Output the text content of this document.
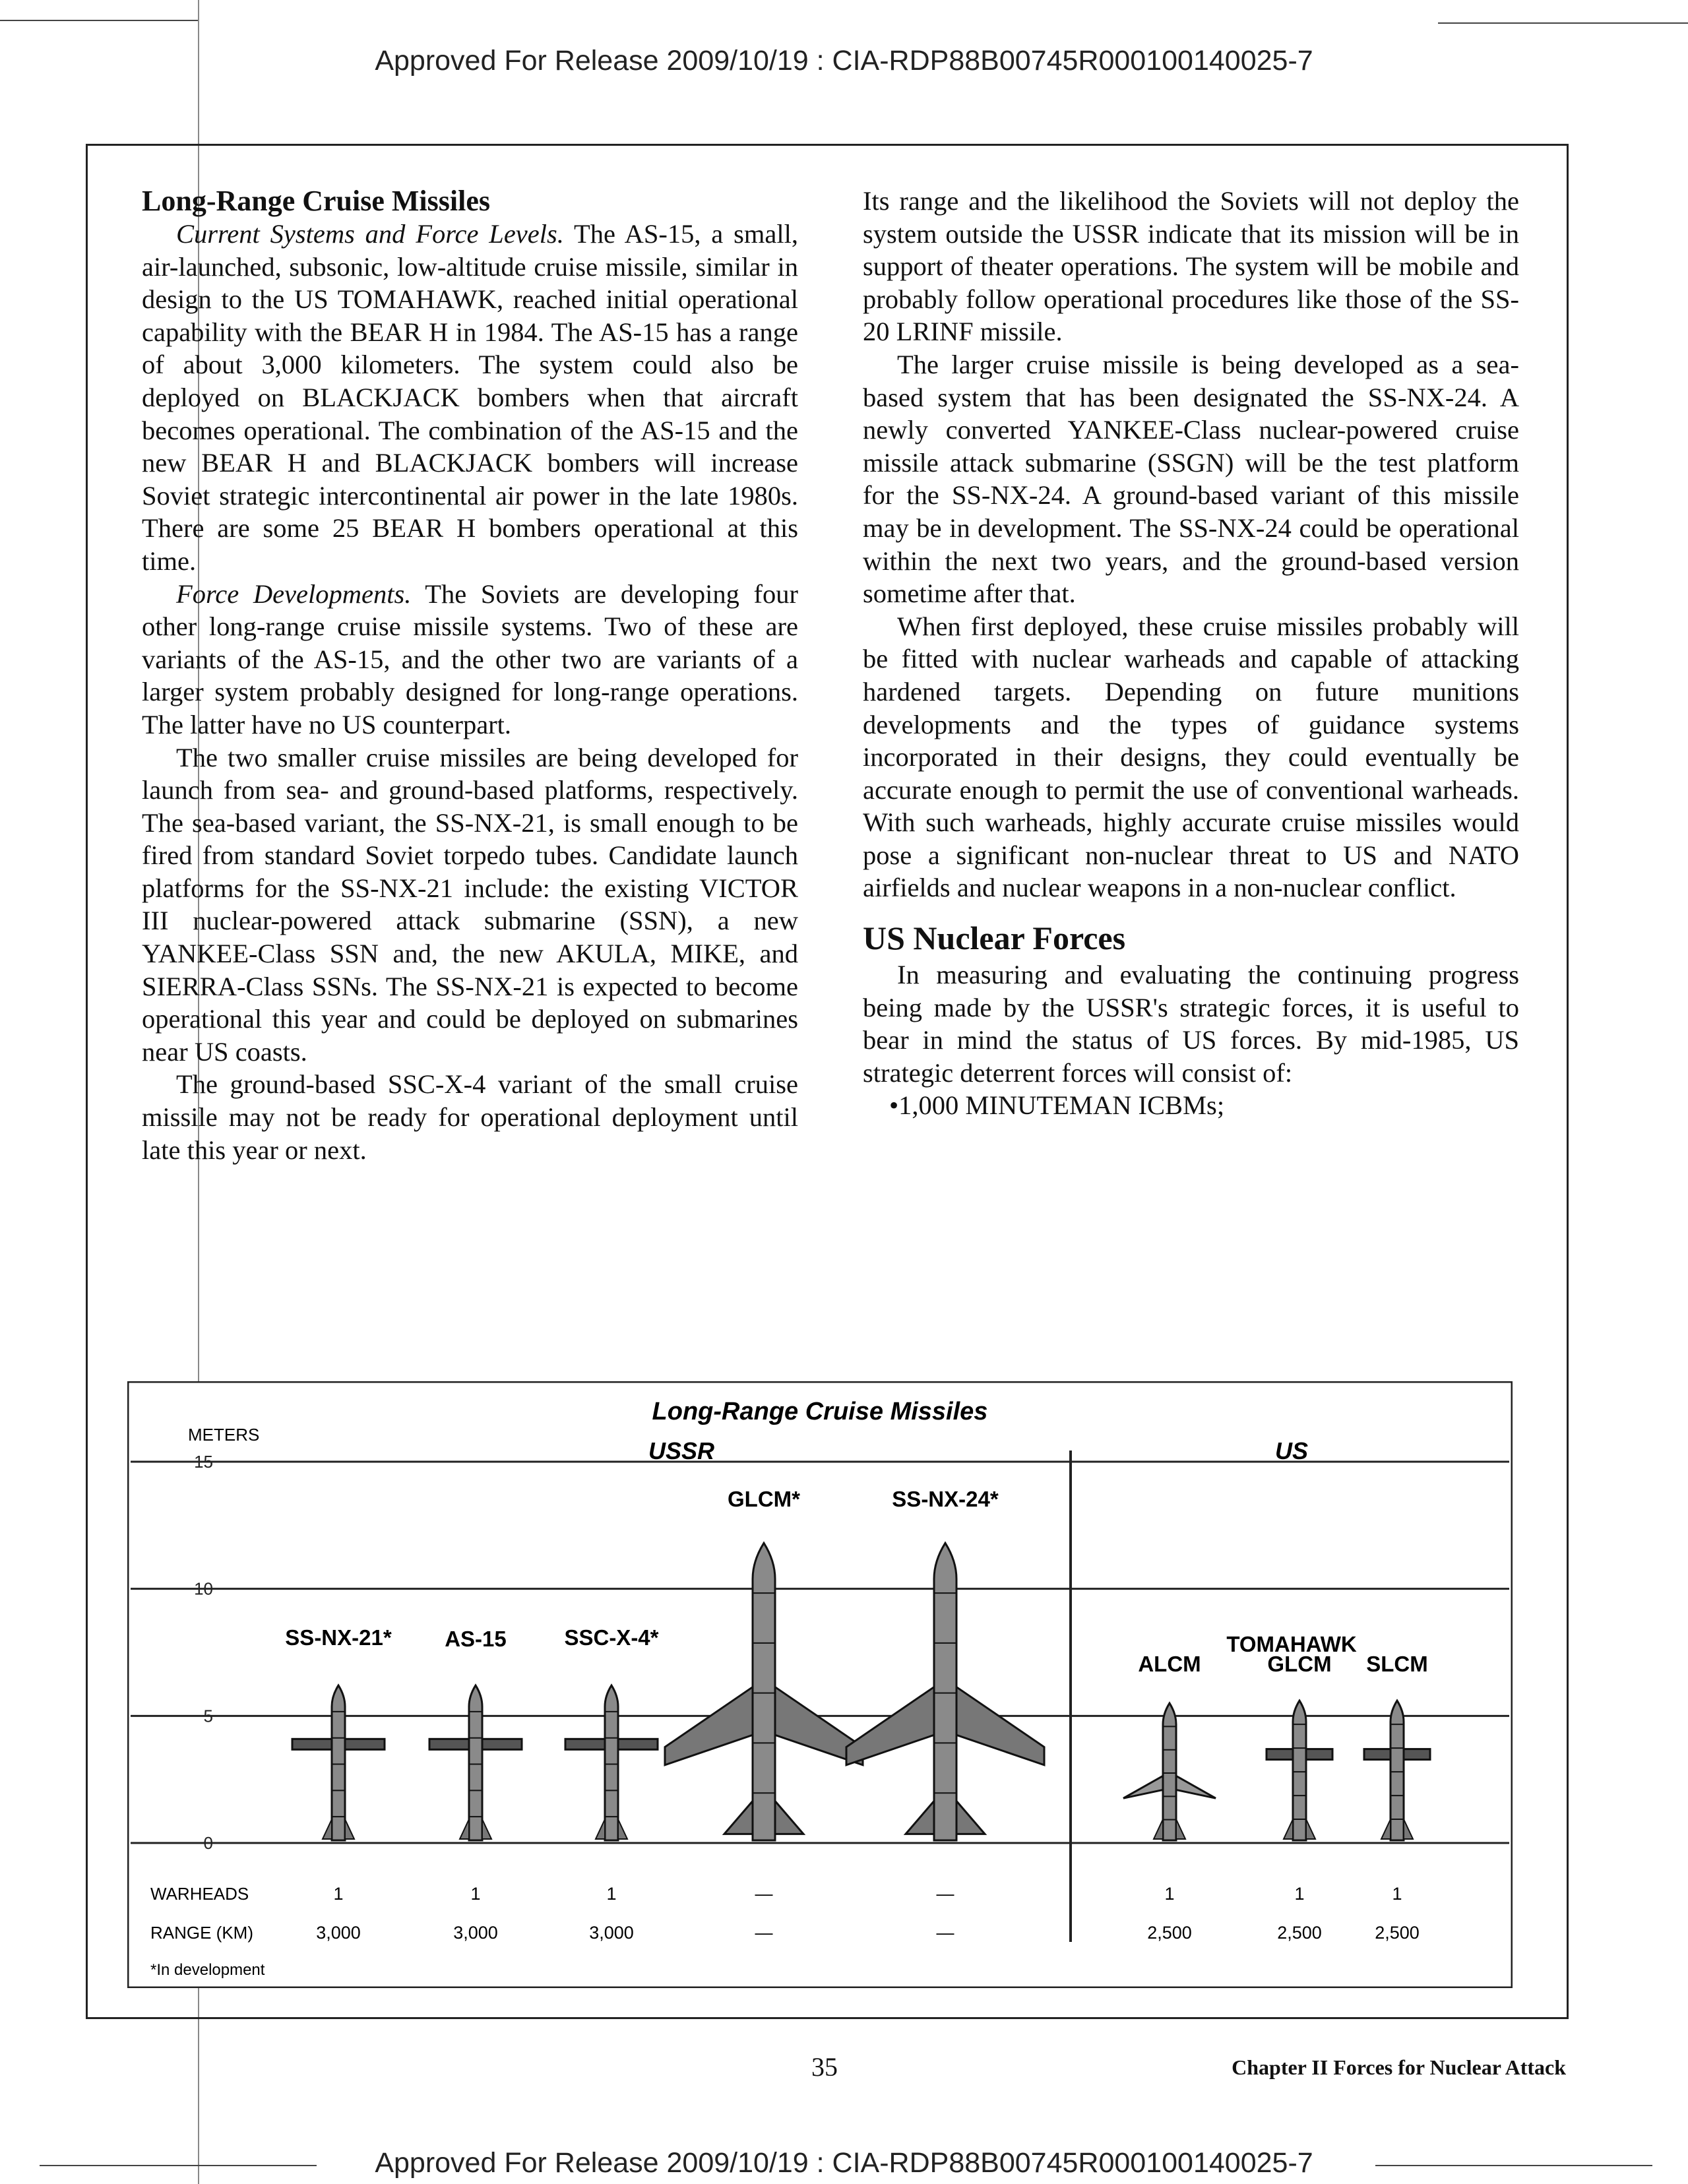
Approved For Release 2009/10/19 : CIA-RDP88B00745R000100140025-7
Long-Range Cruise Missiles

Current Systems and Force Levels. The AS-15, a small, air-launched, subsonic, low-altitude cruise missile, similar in design to the US TOMAHAWK, reached initial operational capability with the BEAR H in 1984. The AS-15 has a range of about 3,000 kilometers. The system could also be deployed on BLACKJACK bombers when that aircraft becomes operational. The combination of the AS-15 and the new BEAR H and BLACKJACK bombers will increase Soviet strategic intercontinental air power in the late 1980s. There are some 25 BEAR H bombers operational at this time.

Force Developments. The Soviets are developing four other long-range cruise missile systems. Two of these are variants of the AS-15, and the other two are variants of a larger system probably designed for long-range operations. The latter have no US counterpart.

The two smaller cruise missiles are being developed for launch from sea- and ground-based platforms, respectively. The sea-based variant, the SS-NX-21, is small enough to be fired from standard Soviet torpedo tubes. Candidate launch platforms for the SS-NX-21 include: the existing VICTOR III nuclear-powered attack submarine (SSN), a new YANKEE-Class SSN and, the new AKULA, MIKE, and SIERRA-Class SSNs. The SS-NX-21 is expected to become operational this year and could be deployed on submarines near US coasts.

The ground-based SSC-X-4 variant of the small cruise missile may not be ready for operational deployment until late this year or next.

Its range and the likelihood the Soviets will not deploy the system outside the USSR indicate that its mission will be in support of theater operations. The system will be mobile and probably follow operational procedures like those of the SS-20 LRINF missile.

The larger cruise missile is being developed as a sea-based system that has been designated the SS-NX-24. A newly converted YANKEE-Class nuclear-powered cruise missile attack submarine (SSGN) will be the test platform for the SS-NX-24. A ground-based variant of this missile may be in development. The SS-NX-24 could be operational within the next two years, and the ground-based version sometime after that.

When first deployed, these cruise missiles probably will be fitted with nuclear warheads and capable of attacking hardened targets. Depending on future munitions developments and the types of guidance systems incorporated in their designs, they could eventually be accurate enough to permit the use of conventional warheads. With such warheads, highly accurate cruise missiles would pose a significant non-nuclear threat to US and NATO airfields and nuclear weapons in a non-nuclear conflict.

US Nuclear Forces

In measuring and evaluating the continuing progress being made by the USSR's strategic forces, it is useful to bear in mind the status of US forces. By mid-1985, US strategic deterrent forces will consist of:

•1,000 MINUTEMAN ICBMs;

Long-Range Cruise Missiles
METERS
USSR	US
TOMAHAWK
15
10
5
0
SS-NX-21*
1
3,000
AS-15
1
3,000
SSC-X-4*
1
3,000
GLCM*
—
—
SS-NX-24*
—
—
ALCM
1
2,500
GLCM
1
2,500
SLCM
1
2,500
WARHEADS
RANGE (KM)
*In development
35	Chapter II Forces for Nuclear Attack
Approved For Release 2009/10/19 : CIA-RDP88B00745R000100140025-7
